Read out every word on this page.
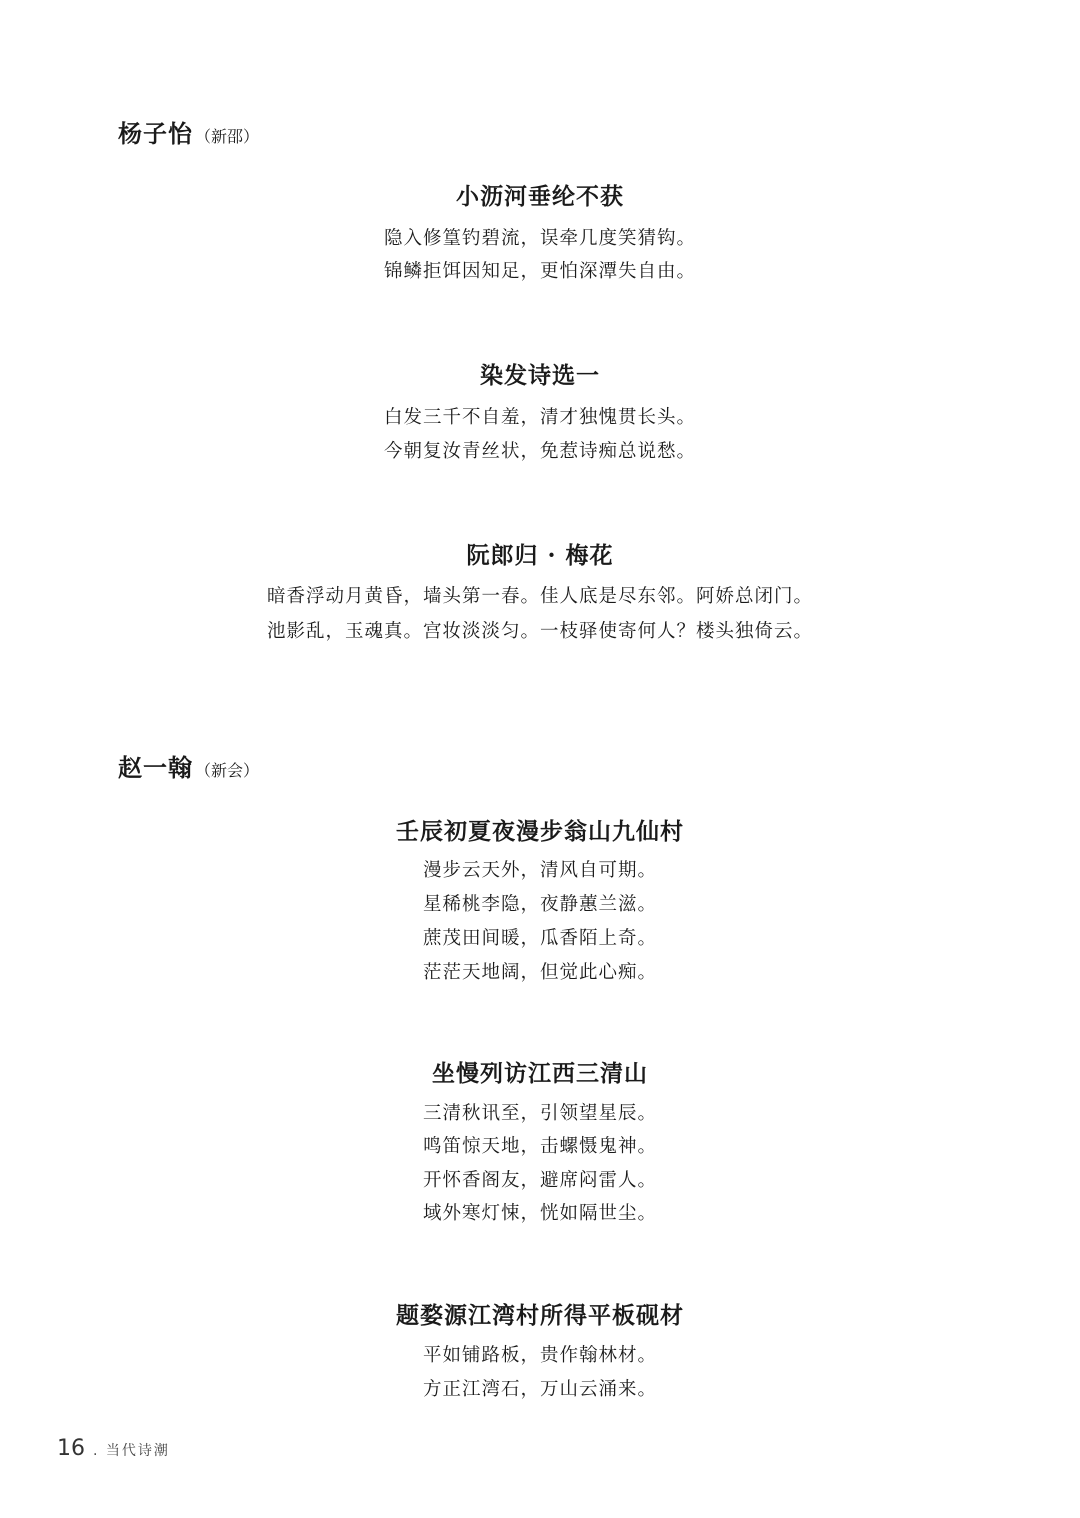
杨子怡 （新邵）
小沥河垂纶不获
隐入修篁钓碧流，误牵几度笑猜钩。
锦鳞拒饵因知足，更怕深潭失自由。
染发诗选一
白发三千不自羞，清才独愧贯长头。
今朝复汝青丝状，免惹诗痴总说愁。
阮郎归 · 梅花
暗香浮动月黄昏，墙头第一春。佳人底是尽东邻。阿娇总闭门。
池影乱，玉魂真。宫妆淡淡匀。一枝驿使寄何人？楼头独倚云。
赵一翰 （新会）
壬辰初夏夜漫步翁山九仙村
漫步云天外，清风自可期。
星稀桃李隐，夜静蕙兰滋。
蔗茂田间暖，瓜香陌上奇。
茫茫天地阔，但觉此心痴。
坐慢列访江西三清山
三清秋讯至，引领望星辰。
鸣笛惊天地，击螺慑鬼神。
开怀香阁友，避席闷雷人。
域外寒灯悚，恍如隔世尘。
题婺源江湾村所得平板砚材
平如铺路板，贵作翰林材。
方正江湾石，万山云涌来。
16 . 当代诗潮
